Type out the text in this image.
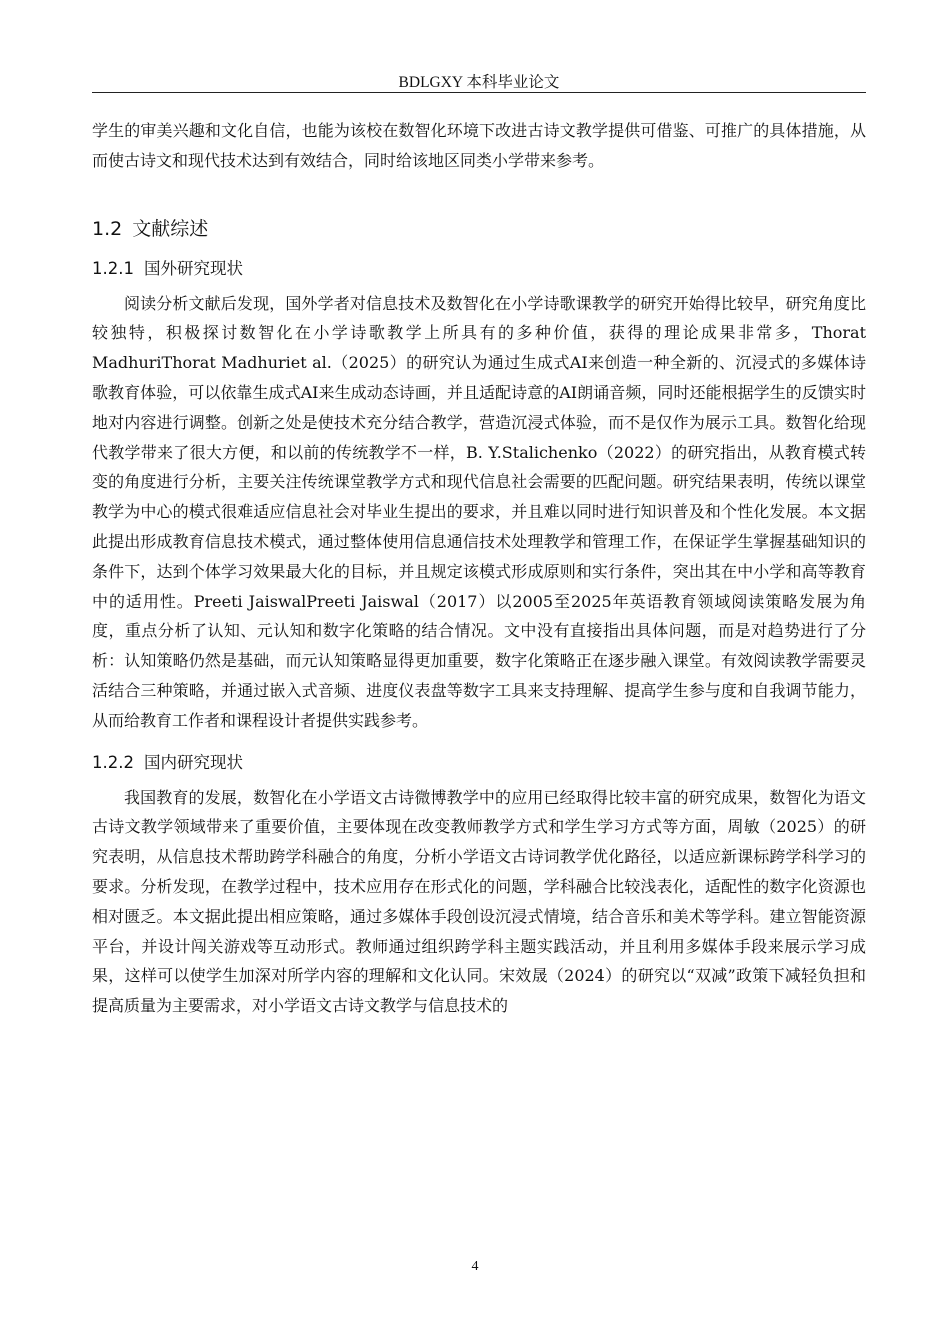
BDLGXY 本科毕业论文

学生的审美兴趣和文化自信，也能为该校在数智化环境下改进古诗文教学提供可借鉴、可推广的具体措施，从而使古诗文和现代技术达到有效结合，同时给该地区同类小学带来参考。

1.2 文献综述
1.2.1 国外研究现状

阅读分析文献后发现，国外学者对信息技术及数智化在小学诗歌课教学的研究开始得比较早，研究角度比较独特，积极探讨数智化在小学诗歌教学上所具有的多种价值，获得的理论成果非常多，Thorat MadhuriThorat Madhuriet al.（2025）的研究认为通过生成式AI来创造一种全新的、沉浸式的多媒体诗歌教育体验，可以依靠生成式AI来生成动态诗画，并且适配诗意的AI朗诵音频，同时还能根据学生的反馈实时地对内容进行调整。创新之处是使技术充分结合教学，营造沉浸式体验，而不是仅作为展示工具。数智化给现代教学带来了很大方便，和以前的传统教学不一样，B. Y.Stalichenko（2022）的研究指出，从教育模式转变的角度进行分析，主要关注传统课堂教学方式和现代信息社会需要的匹配问题。研究结果表明，传统以课堂教学为中心的模式很难适应信息社会对毕业生提出的要求，并且难以同时进行知识普及和个性化发展。本文据此提出形成教育信息技术模式，通过整体使用信息通信技术处理教学和管理工作，在保证学生掌握基础知识的条件下，达到个体学习效果最大化的目标，并且规定该模式形成原则和实行条件，突出其在中小学和高等教育中的适用性。Preeti JaiswalPreeti Jaiswal（2017）以2005至2025年英语教育领域阅读策略发展为角度，重点分析了认知、元认知和数字化策略的结合情况。文中没有直接指出具体问题，而是对趋势进行了分析：认知策略仍然是基础，而元认知策略显得更加重要，数字化策略正在逐步融入课堂。有效阅读教学需要灵活结合三种策略，并通过嵌入式音频、进度仪表盘等数字工具来支持理解、提高学生参与度和自我调节能力，从而给教育工作者和课程设计者提供实践参考。

1.2.2 国内研究现状

我国教育的发展，数智化在小学语文古诗微博教学中的应用已经取得比较丰富的研究成果，数智化为语文古诗文教学领域带来了重要价值，主要体现在改变教师教学方式和学生学习方式等方面，周敏（2025）的研究表明，从信息技术帮助跨学科融合的角度，分析小学语文古诗词教学优化路径，以适应新课标跨学科学习的要求。分析发现，在教学过程中，技术应用存在形式化的问题，学科融合比较浅表化，适配性的数字化资源也相对匮乏。本文据此提出相应策略，通过多媒体手段创设沉浸式情境，结合音乐和美术等学科。建立智能资源平台，并设计闯关游戏等互动形式。教师通过组织跨学科主题实践活动，并且利用多媒体手段来展示学习成果，这样可以使学生加深对所学内容的理解和文化认同。宋效晟（2024）的研究以“双减”政策下减轻负担和提高质量为主要需求，对小学语文古诗文教学与信息技术的

4
